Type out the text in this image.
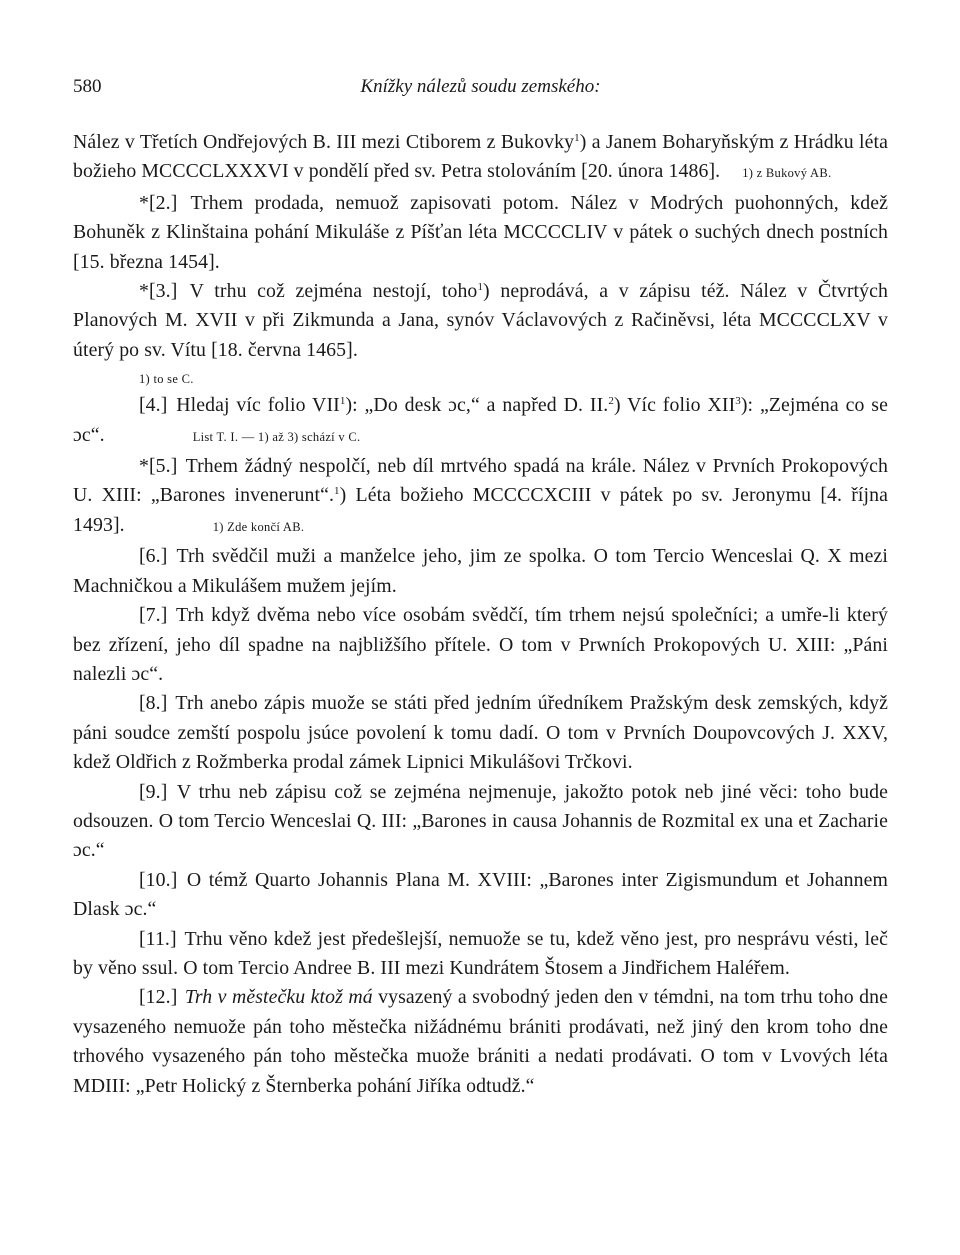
580	Knížky nálezů soudu zemského:

Nález v Třetích Ondřejových B. III mezi Ctiborem z Bukovky$^1$) a Janem Boharyňským z Hrádku léta božieho MCCCCLXXXVI v pondělí před sv. Petra stolováním [20. února 1486]. 1) z Bukový AB.

*[2.] Trhem prodada, nemuož zapisovati potom. Nález v Modrých puohonných, kdež Bohuněk z Klinštaina pohání Mikuláše z Píšťan léta MCCCCLIV v pátek o suchých dnech postních [15. března 1454].

*[3.] V trhu což zejména nestojí, toho$^1$) neprodává, a v zápisu též. Nález v Čtvrtých Planových M. XVII v při Zikmunda a Jana, synóv Václavových z Račiněvsi, léta MCCCCLXV v úterý po sv. Vítu [18. června 1465].

1) to se C.

[4.] Hledaj víc folio VII$^1$): „Do desk ɔc,“ a napřed D. II.$^2$) Víc folio XII$^3$): „Zejména co se ɔc“.	List T. I. — 1) až 3) schází v C.

*[5.] Trhem žádný nespolčí, neb díl mrtvého spadá na krále. Nález v Prvních Prokopových U. XIII: „Barones invenerunt“.$^1$) Léta božieho MCCCCXCIII v pátek po sv. Jeronymu [4. října 1493].	1) Zde končí AB.

[6.] Trh svědčil muži a manželce jeho, jim ze spolka. O tom Tercio Wenceslai Q. X mezi Machničkou a Mikulášem mužem jejím.

[7.] Trh když dvěma nebo více osobám svědčí, tím trhem nejsú společníci; a umře-li který bez zřízení, jeho díl spadne na najbližšího přítele. O tom v Prwních Prokopových U. XIII: „Páni nalezli ɔc“.

[8.] Trh anebo zápis muože se státi před jedním úředníkem Pražským desk zemských, když páni soudce zemští pospolu jsúce povolení k tomu dadí. O tom v Prvních Doupovcových J. XXV, kdež Oldřich z Rožmberka prodal zámek Lipnici Mikulášovi Trčkovi.

[9.] V trhu neb zápisu což se zejména nejmenuje, jakožto potok neb jiné věci: toho bude odsouzen. O tom Tercio Wenceslai Q. III: „Barones in causa Johannis de Rozmital ex una et Zacharie ɔc.“

[10.] O témž Quarto Johannis Plana M. XVIII: „Barones inter Zigismundum et Johannem Dlask ɔc.“

[11.] Trhu věno kdež jest předešlejší, nemuože se tu, kdež věno jest, pro nesprávu vésti, leč by věno ssul. O tom Tercio Andree B. III mezi Kundrátem Štosem a Jindřichem Haléřem.

[12.] Trh v městečku ktož má vysazený a svobodný jeden den v témdni, na tom trhu toho dne vysazeného nemuože pán toho městečka nižádnému brániti prodávati, než jiný den krom toho dne trhového vysazeného pán toho městečka muože brániti a nedati prodávati. O tom v Lvových léta MDIII: „Petr Holický z Šternberka pohání Jiříka odtudž.“
